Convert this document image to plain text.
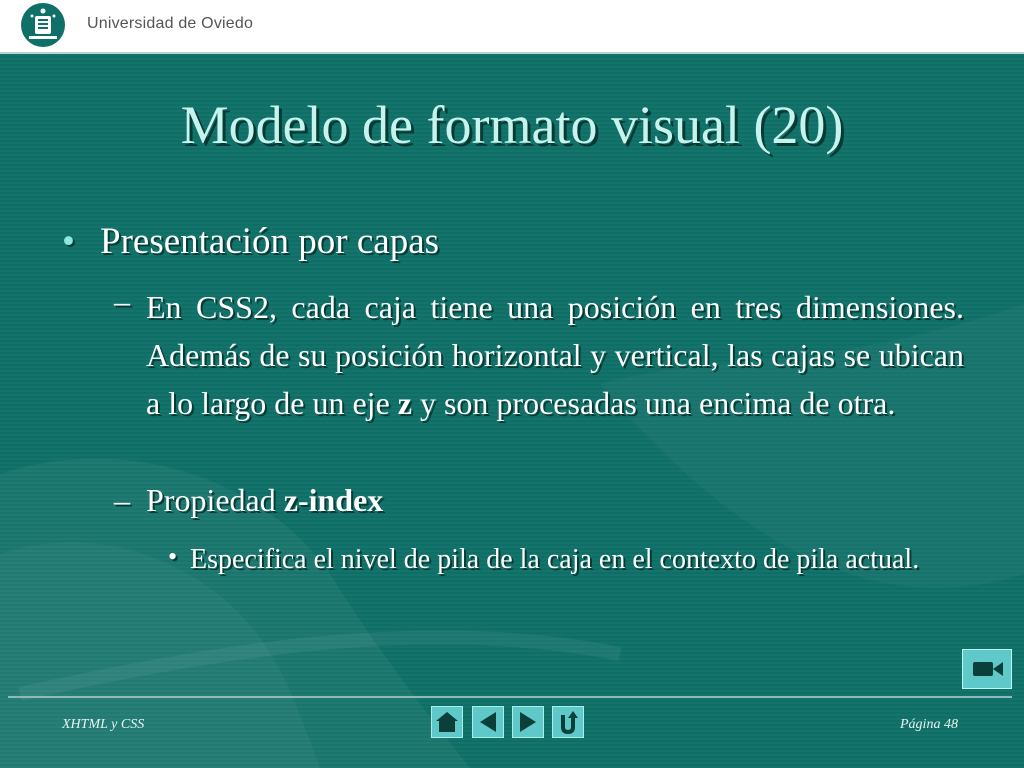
Universidad de Oviedo
Modelo de formato visual (20)
• Presentación por capas
– En CSS2, cada caja tiene una posición en tres dimensiones. Además de su posición horizontal y vertical, las cajas se ubican a lo largo de un eje z y son procesadas una encima de otra.
– Propiedad z-index
• Especifica el nivel de pila de la caja en el contexto de pila actual.
XHTML y CSS	Página 48
